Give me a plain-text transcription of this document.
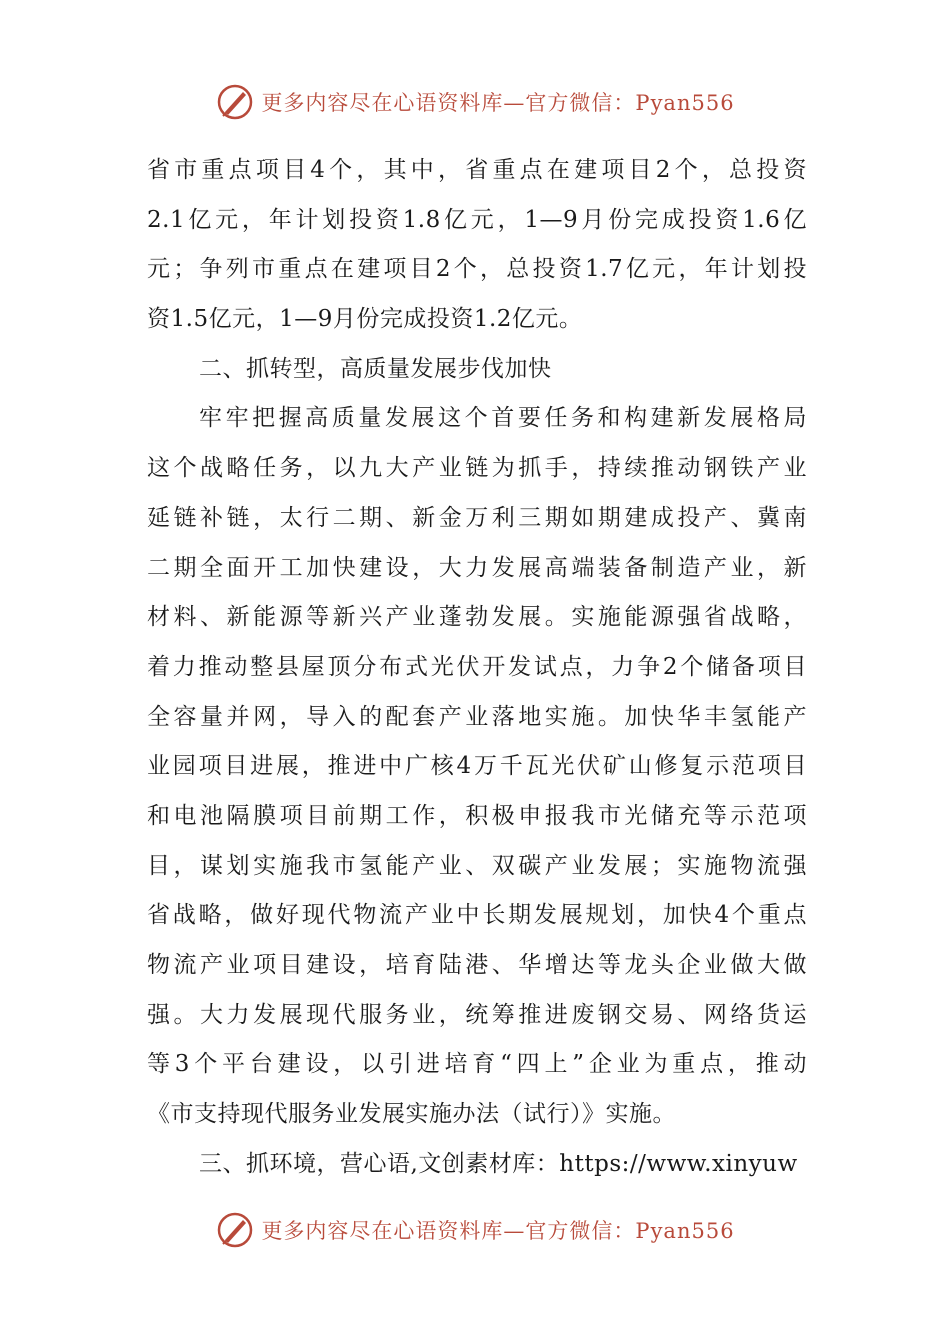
更多内容尽在心语资料库—官方微信：Pyan556
省市重点项目4个，其中，省重点在建项目2个，总投资
2.1亿元，年计划投资1.8亿元，1—9月份完成投资1.6亿
元；争列市重点在建项目2个，总投资1.7亿元，年计划投
资1.5亿元，1—9月份完成投资1.2亿元。
二、抓转型，高质量发展步伐加快
牢牢把握高质量发展这个首要任务和构建新发展格局
这个战略任务，以九大产业链为抓手，持续推动钢铁产业
延链补链，太行二期、新金万利三期如期建成投产、冀南
二期全面开工加快建设，大力发展高端装备制造产业，新
材料、新能源等新兴产业蓬勃发展。实施能源强省战略，
着力推动整县屋顶分布式光伏开发试点，力争2个储备项目
全容量并网，导入的配套产业落地实施。加快华丰氢能产
业园项目进展，推进中广核4万千瓦光伏矿山修复示范项目
和电池隔膜项目前期工作，积极申报我市光储充等示范项
目，谋划实施我市氢能产业、双碳产业发展；实施物流强
省战略，做好现代物流产业中长期发展规划，加快4个重点
物流产业项目建设，培育陆港、华增达等龙头企业做大做
强。大力发展现代服务业，统筹推进废钢交易、网络货运
等3个平台建设，以引进培育“四上”企业为重点，推动
《市支持现代服务业发展实施办法（试行）》实施。
三、抓环境，营心语,文创素材库：https://www.xinyuw
更多内容尽在心语资料库—官方微信：Pyan556
